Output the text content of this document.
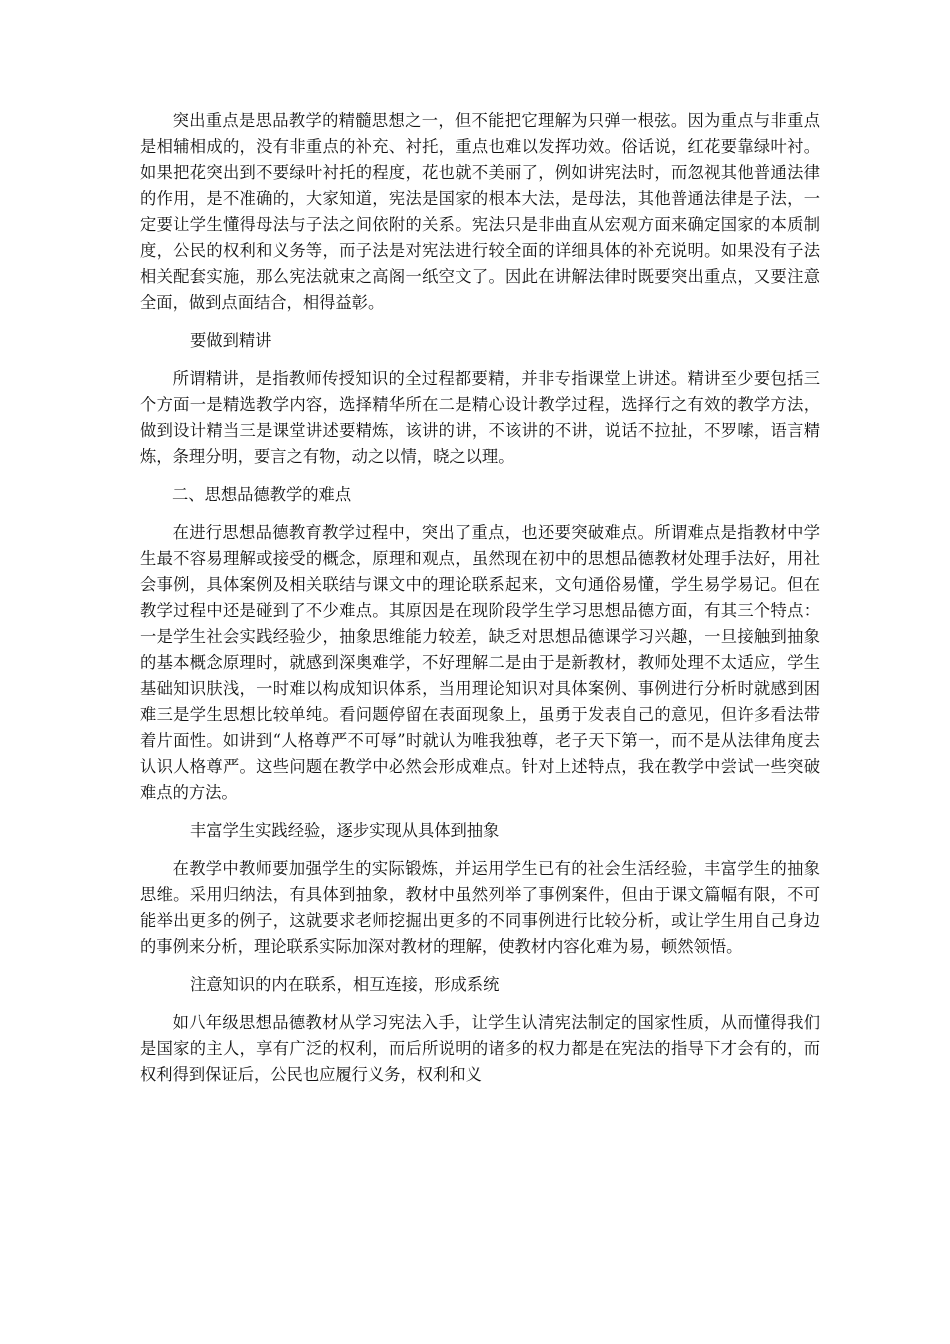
突出重点是思品教学的精髓思想之一，但不能把它理解为只弹一根弦。因为重点与非重点是相辅相成的，没有非重点的补充、衬托，重点也难以发挥功效。俗话说，红花要靠绿叶衬。如果把花突出到不要绿叶衬托的程度，花也就不美丽了，例如讲宪法时，而忽视其他普通法律的作用，是不准确的，大家知道，宪法是国家的根本大法，是母法，其他普通法律是子法，一定要让学生懂得母法与子法之间依附的关系。宪法只是非曲直从宏观方面来确定国家的本质制度，公民的权利和义务等，而子法是对宪法进行较全面的详细具体的补充说明。如果没有子法相关配套实施，那么宪法就束之高阁一纸空文了。因此在讲解法律时既要突出重点，又要注意全面，做到点面结合，相得益彰。

要做到精讲

所谓精讲，是指教师传授知识的全过程都要精，并非专指课堂上讲述。精讲至少要包括三个方面一是精选教学内容，选择精华所在二是精心设计教学过程，选择行之有效的教学方法，做到设计精当三是课堂讲述要精炼，该讲的讲，不该讲的不讲，说话不拉扯，不罗嗦，语言精炼，条理分明，要言之有物，动之以情，晓之以理。

二、思想品德教学的难点

在进行思想品德教育教学过程中，突出了重点，也还要突破难点。所谓难点是指教材中学生最不容易理解或接受的概念，原理和观点，虽然现在初中的思想品德教材处理手法好，用社会事例，具体案例及相关联结与课文中的理论联系起来，文句通俗易懂，学生易学易记。但在教学过程中还是碰到了不少难点。其原因是在现阶段学生学习思想品德方面，有其三个特点：一是学生社会实践经验少，抽象思维能力较差，缺乏对思想品德课学习兴趣，一旦接触到抽象的基本概念原理时，就感到深奥难学，不好理解二是由于是新教材，教师处理不太适应，学生基础知识肤浅，一时难以构成知识体系，当用理论知识对具体案例、事例进行分析时就感到困难三是学生思想比较单纯。看问题停留在表面现象上，虽勇于发表自己的意见，但许多看法带着片面性。如讲到“人格尊严不可辱”时就认为唯我独尊，老子天下第一，而不是从法律角度去认识人格尊严。这些问题在教学中必然会形成难点。针对上述特点，我在教学中尝试一些突破难点的方法。

丰富学生实践经验，逐步实现从具体到抽象

在教学中教师要加强学生的实际锻炼，并运用学生已有的社会生活经验，丰富学生的抽象思维。采用归纳法，有具体到抽象，教材中虽然列举了事例案件，但由于课文篇幅有限，不可能举出更多的例子，这就要求老师挖掘出更多的不同事例进行比较分析，或让学生用自己身边的事例来分析，理论联系实际加深对教材的理解，使教材内容化难为易，顿然领悟。

注意知识的内在联系，相互连接，形成系统

如八年级思想品德教材从学习宪法入手，让学生认清宪法制定的国家性质，从而懂得我们是国家的主人，享有广泛的权利，而后所说明的诸多的权力都是在宪法的指导下才会有的，而权利得到保证后，公民也应履行义务，权利和义
